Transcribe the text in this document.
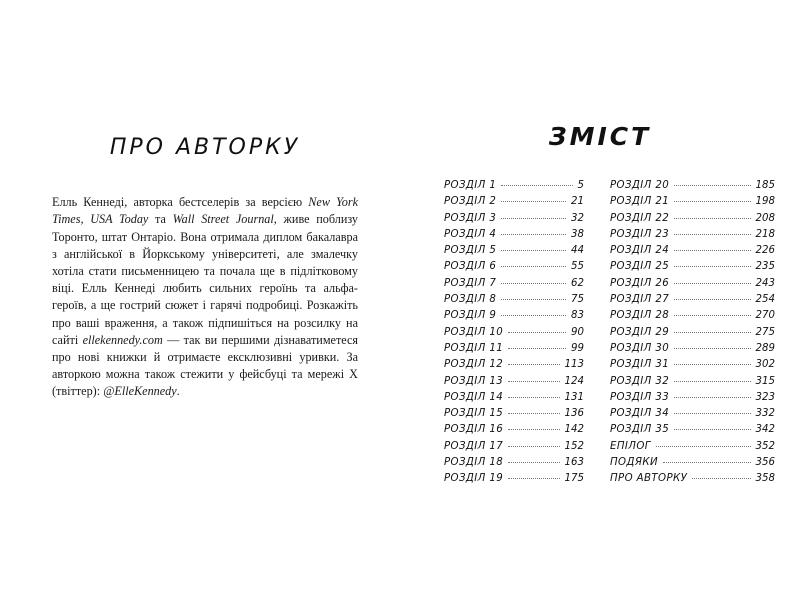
ПРО АВТОРКУ

Елль Кеннеді, авторка бестселерів за версією New York Times, USA Today та Wall Street Journal, живе поблизу Торонто, штат Онтаріо. Вона отримала диплом бакалавра з англійської в Йоркському університеті, але змалечку хотіла стати письменницею та почала ще в підлітковому віці. Елль Кеннеді любить сильних героїнь та альфа-героїв, а ще гострий сюжет і гарячі подробиці. Розкажіть про ваші враження, а також підпишіться на розсилку на сайті ellekennedy.com — так ви першими дізнаватиметеся про нові книжки й отримаєте ексклюзивні уривки. За авторкою можна також стежити у фейсбуці та мережі X (твіттер): @ElleKennedy.

ЗМІСТ
РОЗДІЛ 1	5
РОЗДІЛ 2	21
РОЗДІЛ 3	32
РОЗДІЛ 4	38
РОЗДІЛ 5	44
РОЗДІЛ 6	55
РОЗДІЛ 7	62
РОЗДІЛ 8	75
РОЗДІЛ 9	83
РОЗДІЛ 10	90
РОЗДІЛ 11	99
РОЗДІЛ 12	113
РОЗДІЛ 13	124
РОЗДІЛ 14	131
РОЗДІЛ 15	136
РОЗДІЛ 16	142
РОЗДІЛ 17	152
РОЗДІЛ 18	163
РОЗДІЛ 19	175
РОЗДІЛ 20	185
РОЗДІЛ 21	198
РОЗДІЛ 22	208
РОЗДІЛ 23	218
РОЗДІЛ 24	226
РОЗДІЛ 25	235
РОЗДІЛ 26	243
РОЗДІЛ 27	254
РОЗДІЛ 28	270
РОЗДІЛ 29	275
РОЗДІЛ 30	289
РОЗДІЛ 31	302
РОЗДІЛ 32	315
РОЗДІЛ 33	323
РОЗДІЛ 34	332
РОЗДІЛ 35	342
ЕПІЛОГ	352
ПОДЯКИ	356
ПРО АВТОРКУ	358
